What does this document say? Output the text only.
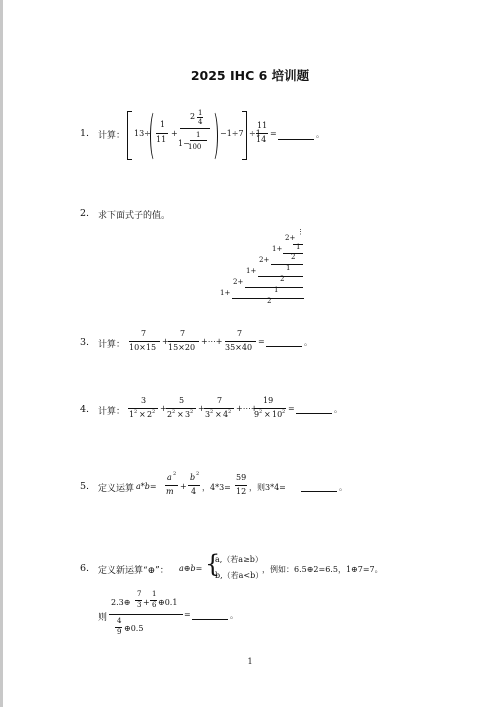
2025 IHC 6 培训题
1. 计算： 13÷
1
11
+
2 1
4
1−
1
100
−1÷7 ÷1
11
14
=	。
2. 求下面式子的值。
2+
⋮
1
1+
2
2+
1
1+
2
2+
1
1+
2
3. 计算：
7
10×15
+
7
15×20
+⋯+
7
35×40
=	。
4. 计算：
3
1 2 × 2 2 +
5
2 2 × 3 2 +
7
3 2 × 4 2 +⋯+
19
9 2 × 10 2 =	。
5. 定义运算 a*b=
a 2
m
+
b 2
4 ，4*3=
59
12 ，则3*4=	。
6. 定义新运算“⊕”： a⊕b= {
a,（若a≥b）
b,（若a<b）
，例如：6.5⊕2=6.5，1⊕7=7。
则
2.3⊕
7
3 +
1
6 ⊕0.1
4
9 ⊕0.5
=	。
1
